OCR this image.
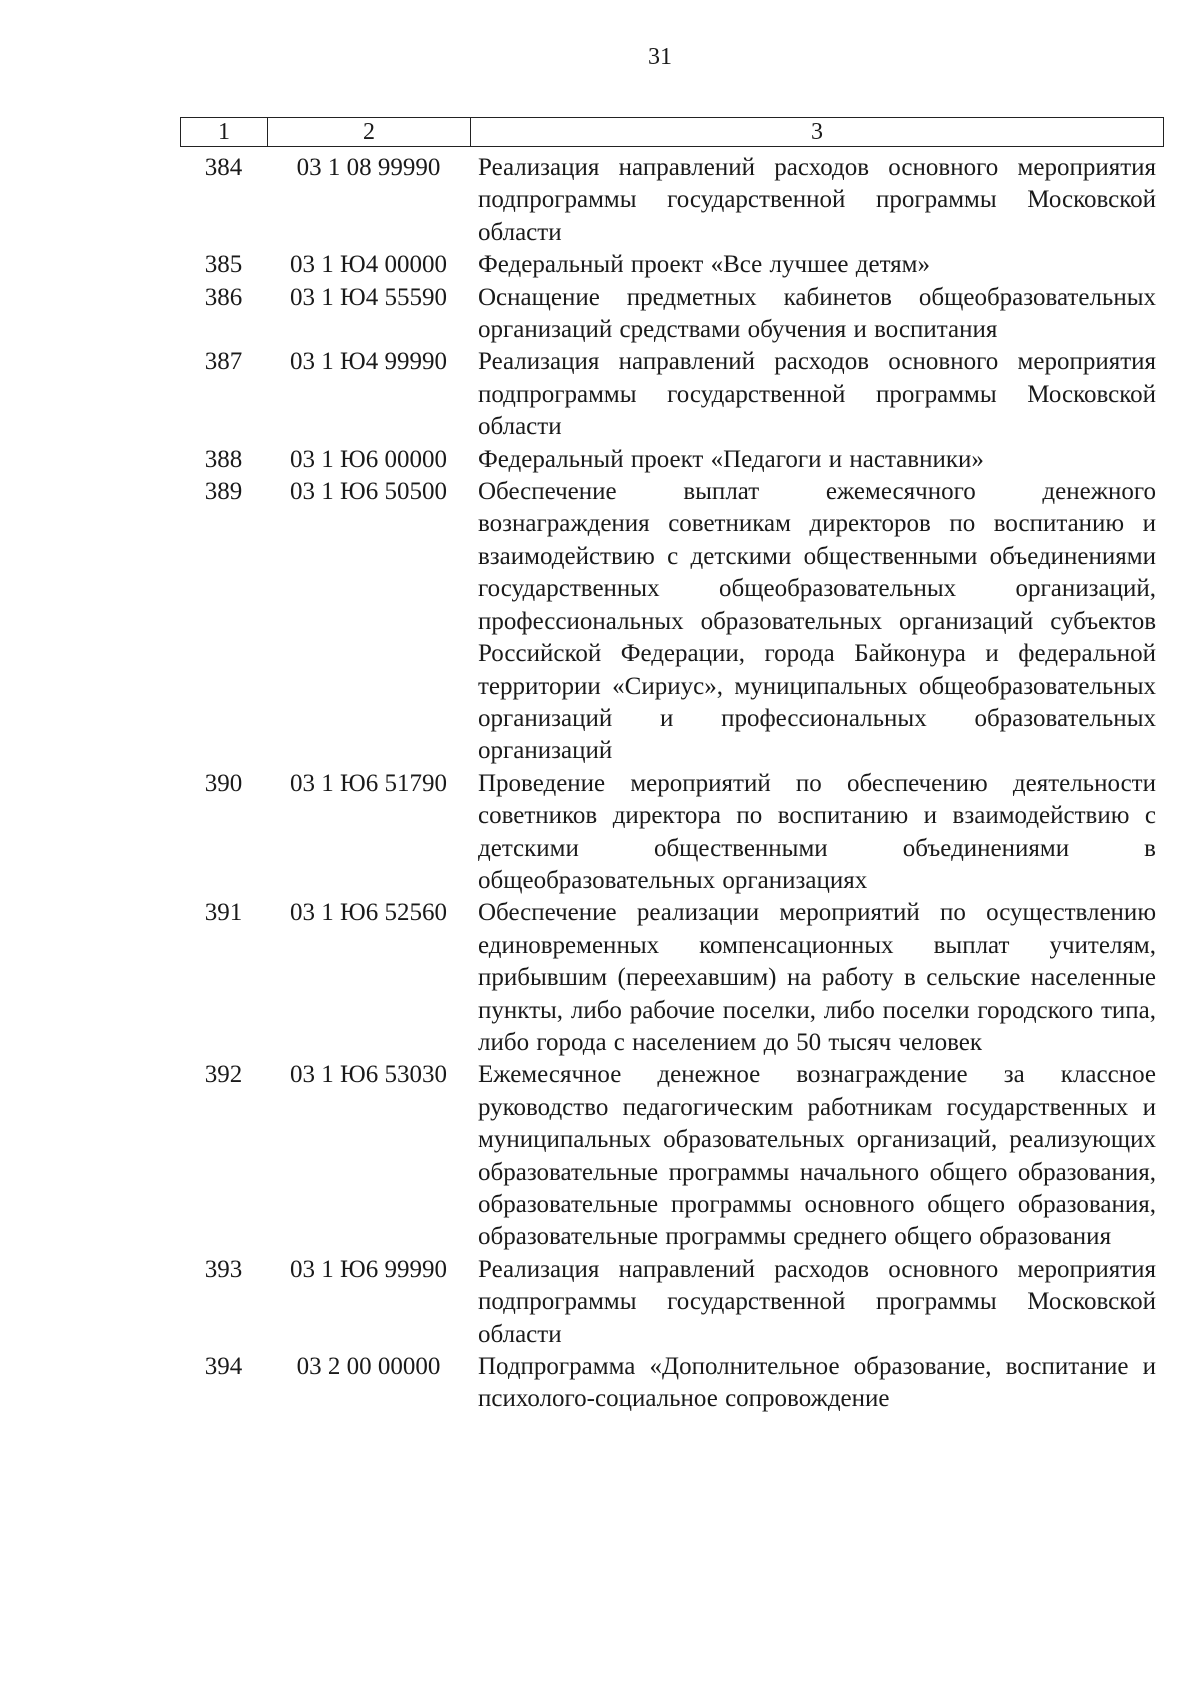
31
1	2	3
384	03 1 08 99990	Реализация направлений расходов основного мероприятия подпрограммы государственной программы Московской области
385	03 1 Ю4 00000	Федеральный проект «Все лучшее детям»
386	03 1 Ю4 55590	Оснащение предметных кабинетов общеобразовательных организаций средствами обучения и воспитания
387	03 1 Ю4 99990	Реализация направлений расходов основного мероприятия подпрограммы государственной программы Московской области
388	03 1 Ю6 00000	Федеральный проект «Педагоги и наставники»
389	03 1 Ю6 50500	Обеспечение выплат ежемесячного денежного вознаграждения советникам директоров по воспитанию и взаимодействию с детскими общественными объединениями государственных общеобразовательных организаций, профессиональных образовательных организаций субъектов Российской Федерации, города Байконура и федеральной территории «Сириус», муниципальных общеобразовательных организаций и профессиональных образовательных организаций
390	03 1 Ю6 51790	Проведение мероприятий по обеспечению деятельности советников директора по воспитанию и взаимодействию с детскими общественными объединениями в общеобразовательных организациях
391	03 1 Ю6 52560	Обеспечение реализации мероприятий по осуществлению единовременных компенсационных выплат учителям, прибывшим (переехавшим) на работу в сельские населенные пункты, либо рабочие поселки, либо поселки городского типа, либо города с населением до 50 тысяч человек
392	03 1 Ю6 53030	Ежемесячное денежное вознаграждение за классное руководство педагогическим работникам государственных и муниципальных образовательных организаций, реализующих образовательные программы начального общего образования, образовательные программы основного общего образования, образовательные программы среднего общего образования
393	03 1 Ю6 99990	Реализация направлений расходов основного мероприятия подпрограммы государственной программы Московской области
394	03 2 00 00000	Подпрограмма «Дополнительное образование, воспитание и психолого-социальное сопровождение
